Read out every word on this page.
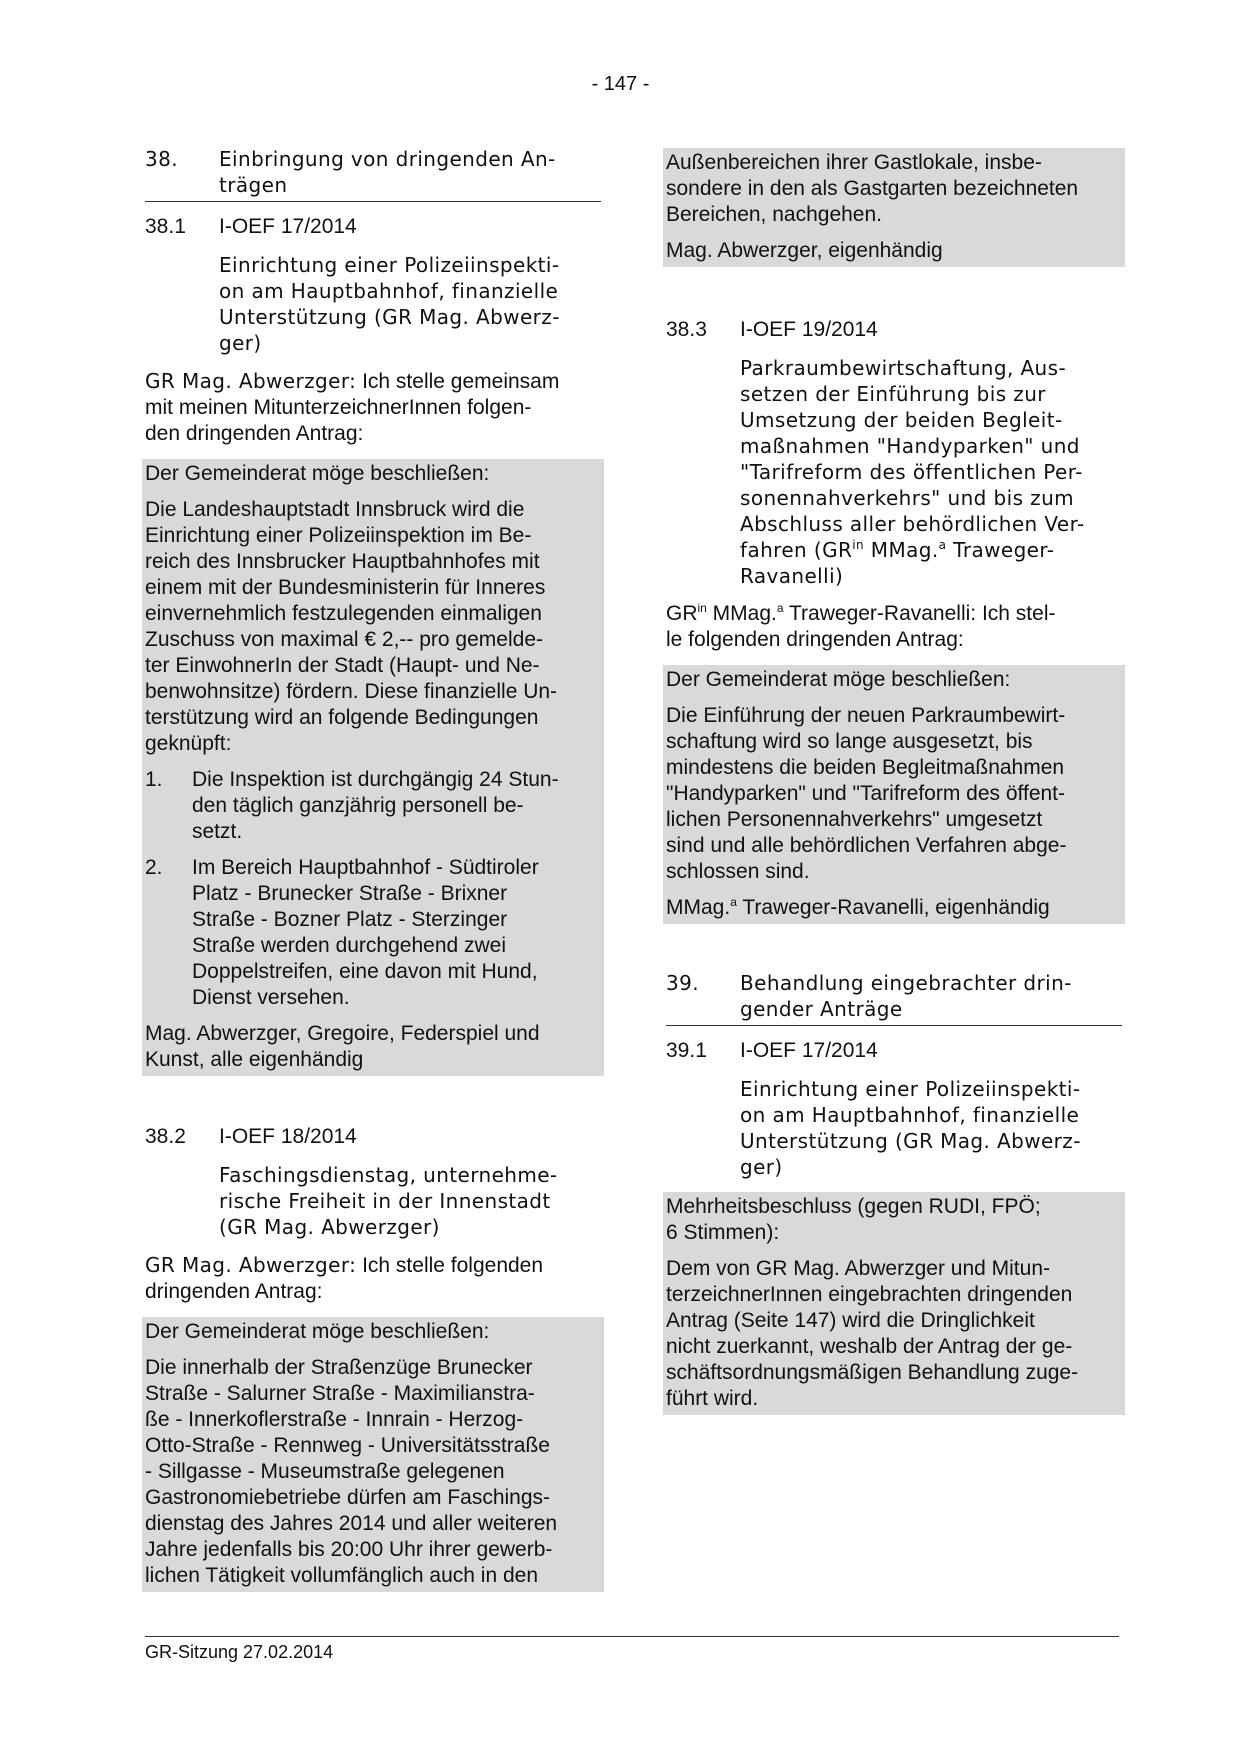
- 147 -
38.	Einbringung von dringenden An-
trägen
38.1	I-OEF 17/2014
Einrichtung einer Polizeiinspekti-
on am Hauptbahnhof, finanzielle
Unterstützung (GR Mag. Abwerz-
ger)
GR Mag. Abwerzger: Ich stelle gemeinsam
mit meinen MitunterzeichnerInnen folgen-
den dringenden Antrag:
Der Gemeinderat möge beschließen:
Die Landeshauptstadt Innsbruck wird die
Einrichtung einer Polizeiinspektion im Be-
reich des Innsbrucker Hauptbahnhofes mit
einem mit der Bundesministerin für Inneres
einvernehmlich festzulegenden einmaligen
Zuschuss von maximal € 2,-- pro gemelde-
ter EinwohnerIn der Stadt (Haupt- und Ne-
benwohnsitze) fördern. Diese finanzielle Un-
terstützung wird an folgende Bedingungen
geknüpft:
1.	Die Inspektion ist durchgängig 24 Stun-
den täglich ganzjährig personell be-
setzt.
2.	Im Bereich Hauptbahnhof - Südtiroler
Platz - Brunecker Straße - Brixner
Straße - Bozner Platz - Sterzinger
Straße werden durchgehend zwei
Doppelstreifen, eine davon mit Hund,
Dienst versehen.
Mag. Abwerzger, Gregoire, Federspiel und
Kunst, alle eigenhändig
38.2	I-OEF 18/2014
Faschingsdienstag, unternehme-
rische Freiheit in der Innenstadt
(GR Mag. Abwerzger)
GR Mag. Abwerzger: Ich stelle folgenden
dringenden Antrag:
Der Gemeinderat möge beschließen:
Die innerhalb der Straßenzüge Brunecker
Straße - Salurner Straße - Maximilianstra-
ße - Innerkoflerstraße - Innrain - Herzog-
Otto-Straße - Rennweg - Universitätsstraße
- Sillgasse - Museumstraße gelegenen
Gastronomiebetriebe dürfen am Faschings-
dienstag des Jahres 2014 und aller weiteren
Jahre jedenfalls bis 20:00 Uhr ihrer gewerb-
lichen Tätigkeit vollumfänglich auch in den
Außenbereichen ihrer Gastlokale, insbe-
sondere in den als Gastgarten bezeichneten
Bereichen, nachgehen.
Mag. Abwerzger, eigenhändig
38.3	I-OEF 19/2014
Parkraumbewirtschaftung, Aus-
setzen der Einführung bis zur
Umsetzung der beiden Begleit-
maßnahmen "Handyparken" und
"Tarifreform des öffentlichen Per-
sonennahverkehrs" und bis zum
Abschluss aller behördlichen Ver-
fahren ($GR^{in}$ MMag.$^a$ Traweger-
Ravanelli)
$GR^{in}$ MMag.$^a$ Traweger-Ravanelli: Ich stel-
le folgenden dringenden Antrag:
Der Gemeinderat möge beschließen:
Die Einführung der neuen Parkraumbewirt-
schaftung wird so lange ausgesetzt, bis
mindestens die beiden Begleitmaßnahmen
"Handyparken" und "Tarifreform des öffent-
lichen Personennahverkehrs" umgesetzt
sind und alle behördlichen Verfahren abge-
schlossen sind.
MMag.$^a$ Traweger-Ravanelli, eigenhändig
39.	Behandlung eingebrachter drin-
gender Anträge
39.1	I-OEF 17/2014
Einrichtung einer Polizeiinspekti-
on am Hauptbahnhof, finanzielle
Unterstützung (GR Mag. Abwerz-
ger)
Mehrheitsbeschluss (gegen RUDI, FPÖ;
6 Stimmen):
Dem von GR Mag. Abwerzger und Mitun-
terzeichnerInnen eingebrachten dringenden
Antrag (Seite 147) wird die Dringlichkeit
nicht zuerkannt, weshalb der Antrag der ge-
schäftsordnungsmäßigen Behandlung zuge-
führt wird.
GR-Sitzung 27.02.2014
